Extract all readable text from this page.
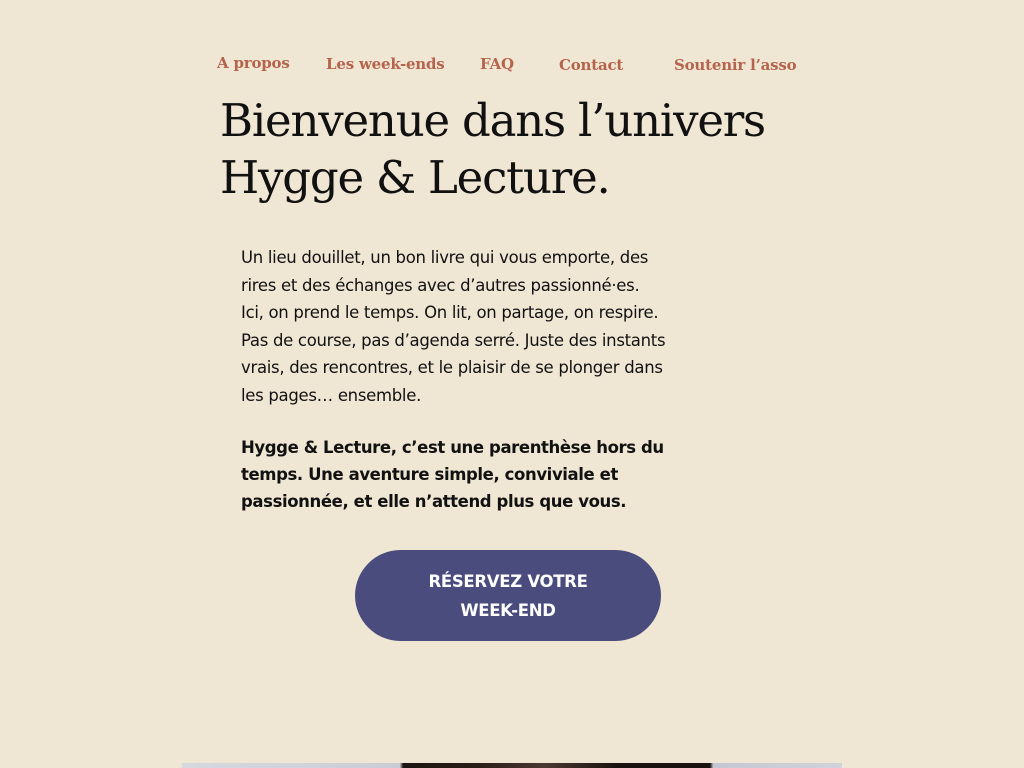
A propos Les week-ends FAQ	Contact	Soutenir l’asso
Bienvenue dans l’univers
Hygge & Lecture.

Un lieu douillet, un bon livre qui vous emporte, des
rires et des échanges avec d’autres passionné·es.
Ici, on prend le temps. On lit, on partage, on respire.
Pas de course, pas d’agenda serré. Juste des instants
vrais, des rencontres, et le plaisir de se plonger dans
les pages… ensemble.

Hygge & Lecture, c’est une parenthèse hors du
temps. Une aventure simple, conviviale et
passionnée, et elle n’attend plus que vous.

RÉSERVEZ VOTRE
WEEK-END
